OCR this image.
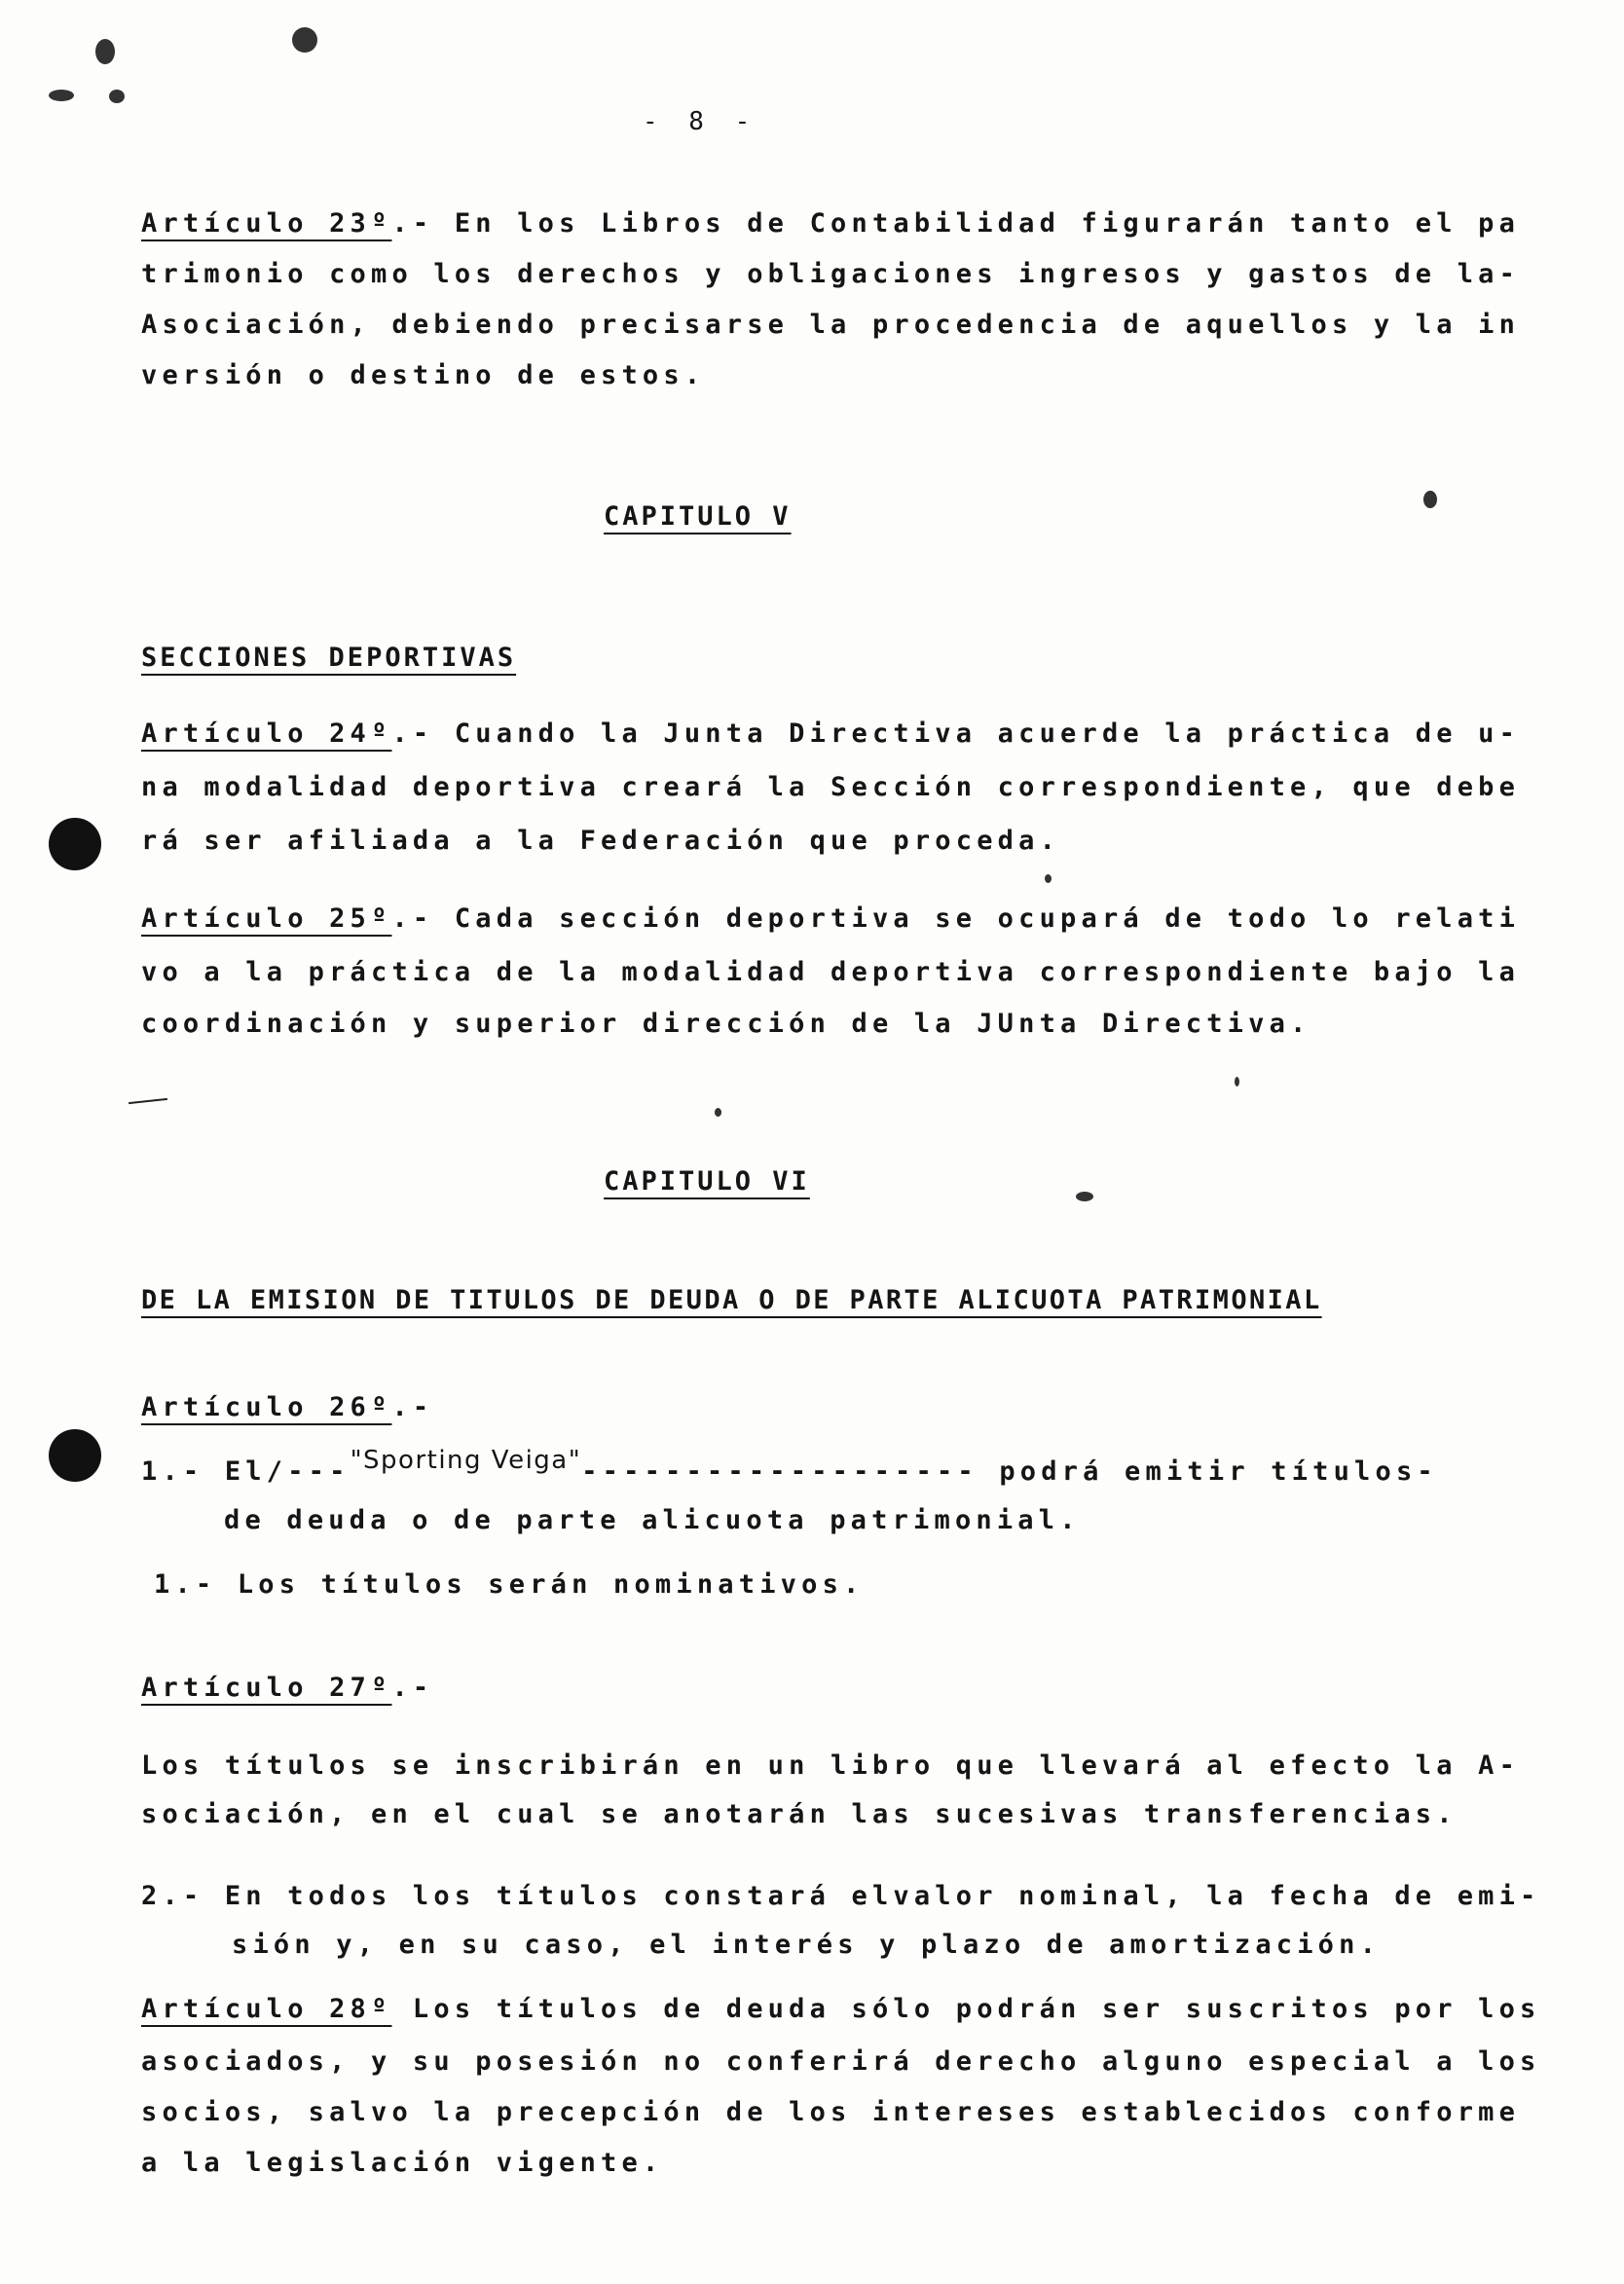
- 8 -

Artículo 23º.- En los Libros de Contabilidad figurarán tanto el pa

trimonio como los derechos y obligaciones ingresos y gastos de la-

Asociación, debiendo precisarse la procedencia de aquellos y la in

versión o destino de estos.

CAPITULO V

SECCIONES DEPORTIVAS

Artículo 24º.- Cuando la Junta Directiva acuerde la práctica de u-

na modalidad deportiva creará la Sección correspondiente, que debe

rá ser afiliada a la Federación que proceda.

Artículo 25º.- Cada sección deportiva se ocupará de todo lo relati

vo a la práctica de la modalidad deportiva correspondiente bajo la

coordinación y superior dirección de la JUnta Directiva.

CAPITULO VI

DE LA EMISION DE TITULOS DE DEUDA O DE PARTE ALICUOTA PATRIMONIAL

Artículo 26º.-

1.- El/---"Sporting Veiga"------------------- podrá emitir títulos-

de deuda o de parte alicuota patrimonial.

1.- Los títulos serán nominativos.

Artículo 27º.-

Los títulos se inscribirán en un libro que llevará al efecto la A-

sociación, en el cual se anotarán las sucesivas transferencias.

2.- En todos los títulos constará elvalor nominal, la fecha de emi-

sión y, en su caso, el interés y plazo de amortización.

Artículo 28º Los títulos de deuda sólo podrán ser suscritos por los

asociados, y su posesión no conferirá derecho alguno especial a los

socios, salvo la precepción de los intereses establecidos conforme

a la legislación vigente.
